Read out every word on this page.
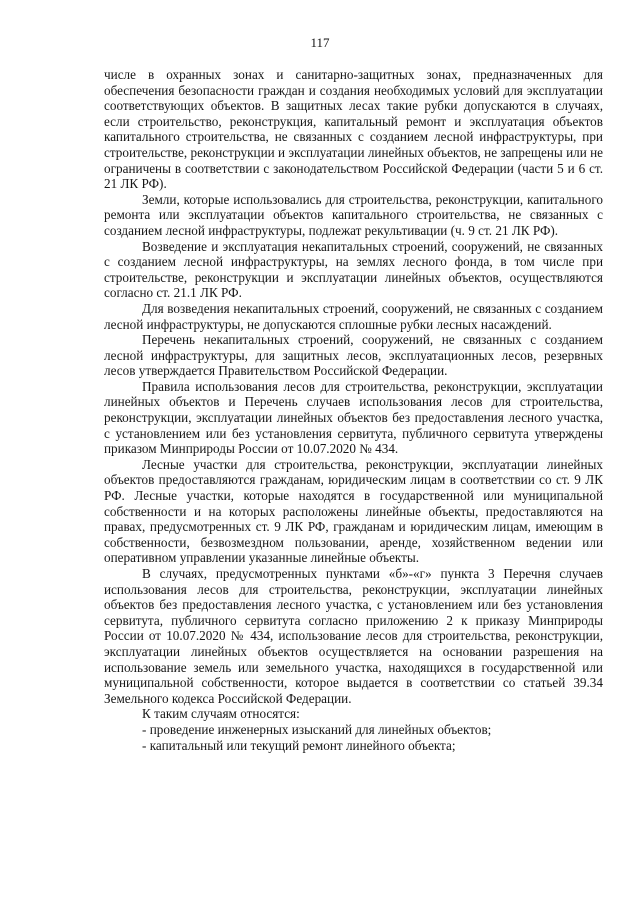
117

числе в охранных зонах и санитарно-защитных зонах, предназначенных для обеспечения безопасности граждан и создания необходимых условий для эксплуатации соответствующих объектов. В защитных лесах такие рубки допускаются в случаях, если строительство, реконструкция, капитальный ремонт и эксплуатация объектов капитального строительства, не связанных с созданием лесной инфраструктуры, при строительстве, реконструкции и эксплуатации линейных объектов, не запрещены или не ограничены в соответствии с законодательством Российской Федерации (части 5 и 6 ст. 21 ЛК РФ).

Земли, которые использовались для строительства, реконструкции, капитального ремонта или эксплуатации объектов капитального строительства, не связанных с созданием лесной инфраструктуры, подлежат рекультивации (ч. 9 ст. 21 ЛК РФ).

Возведение и эксплуатация некапитальных строений, сооружений, не связанных с созданием лесной инфраструктуры, на землях лесного фонда, в том числе при строительстве, реконструкции и эксплуатации линейных объектов, осуществляются согласно ст. 21.1 ЛК РФ.

Для возведения некапитальных строений, сооружений, не связанных с созданием лесной инфраструктуры, не допускаются сплошные рубки лесных насаждений.

Перечень некапитальных строений, сооружений, не связанных с созданием лесной инфраструктуры, для защитных лесов, эксплуатационных лесов, резервных лесов утверждается Правительством Российской Федерации.

Правила использования лесов для строительства, реконструкции, эксплуатации линейных объектов и Перечень случаев использования лесов для строительства, реконструкции, эксплуатации линейных объектов без предоставления лесного участка, с установлением или без установления сервитута, публичного сервитута утверждены приказом Минприроды России от 10.07.2020 № 434.

Лесные участки для строительства, реконструкции, эксплуатации линейных объектов предоставляются гражданам, юридическим лицам в соответствии со ст. 9 ЛК РФ. Лесные участки, которые находятся в государственной или муниципальной собственности и на которых расположены линейные объекты, предоставляются на правах, предусмотренных ст. 9 ЛК РФ, гражданам и юридическим лицам, имеющим в собственности, безвозмездном пользовании, аренде, хозяйственном ведении или оперативном управлении указанные линейные объекты.

В случаях, предусмотренных пунктами «б»-«г» пункта 3 Перечня случаев использования лесов для строительства, реконструкции, эксплуатации линейных объектов без предоставления лесного участка, с установлением или без установления сервитута, публичного сервитута согласно приложению 2 к приказу Минприроды России от 10.07.2020 № 434, использование лесов для строительства, реконструкции, эксплуатации линейных объектов осуществляется на основании разрешения на использование земель или земельного участка, находящихся в государственной или муниципальной собственности, которое выдается в соответствии со статьей 39.34 Земельного кодекса Российской Федерации.

К таким случаям относятся:

- проведение инженерных изысканий для линейных объектов;

- капитальный или текущий ремонт линейного объекта;
